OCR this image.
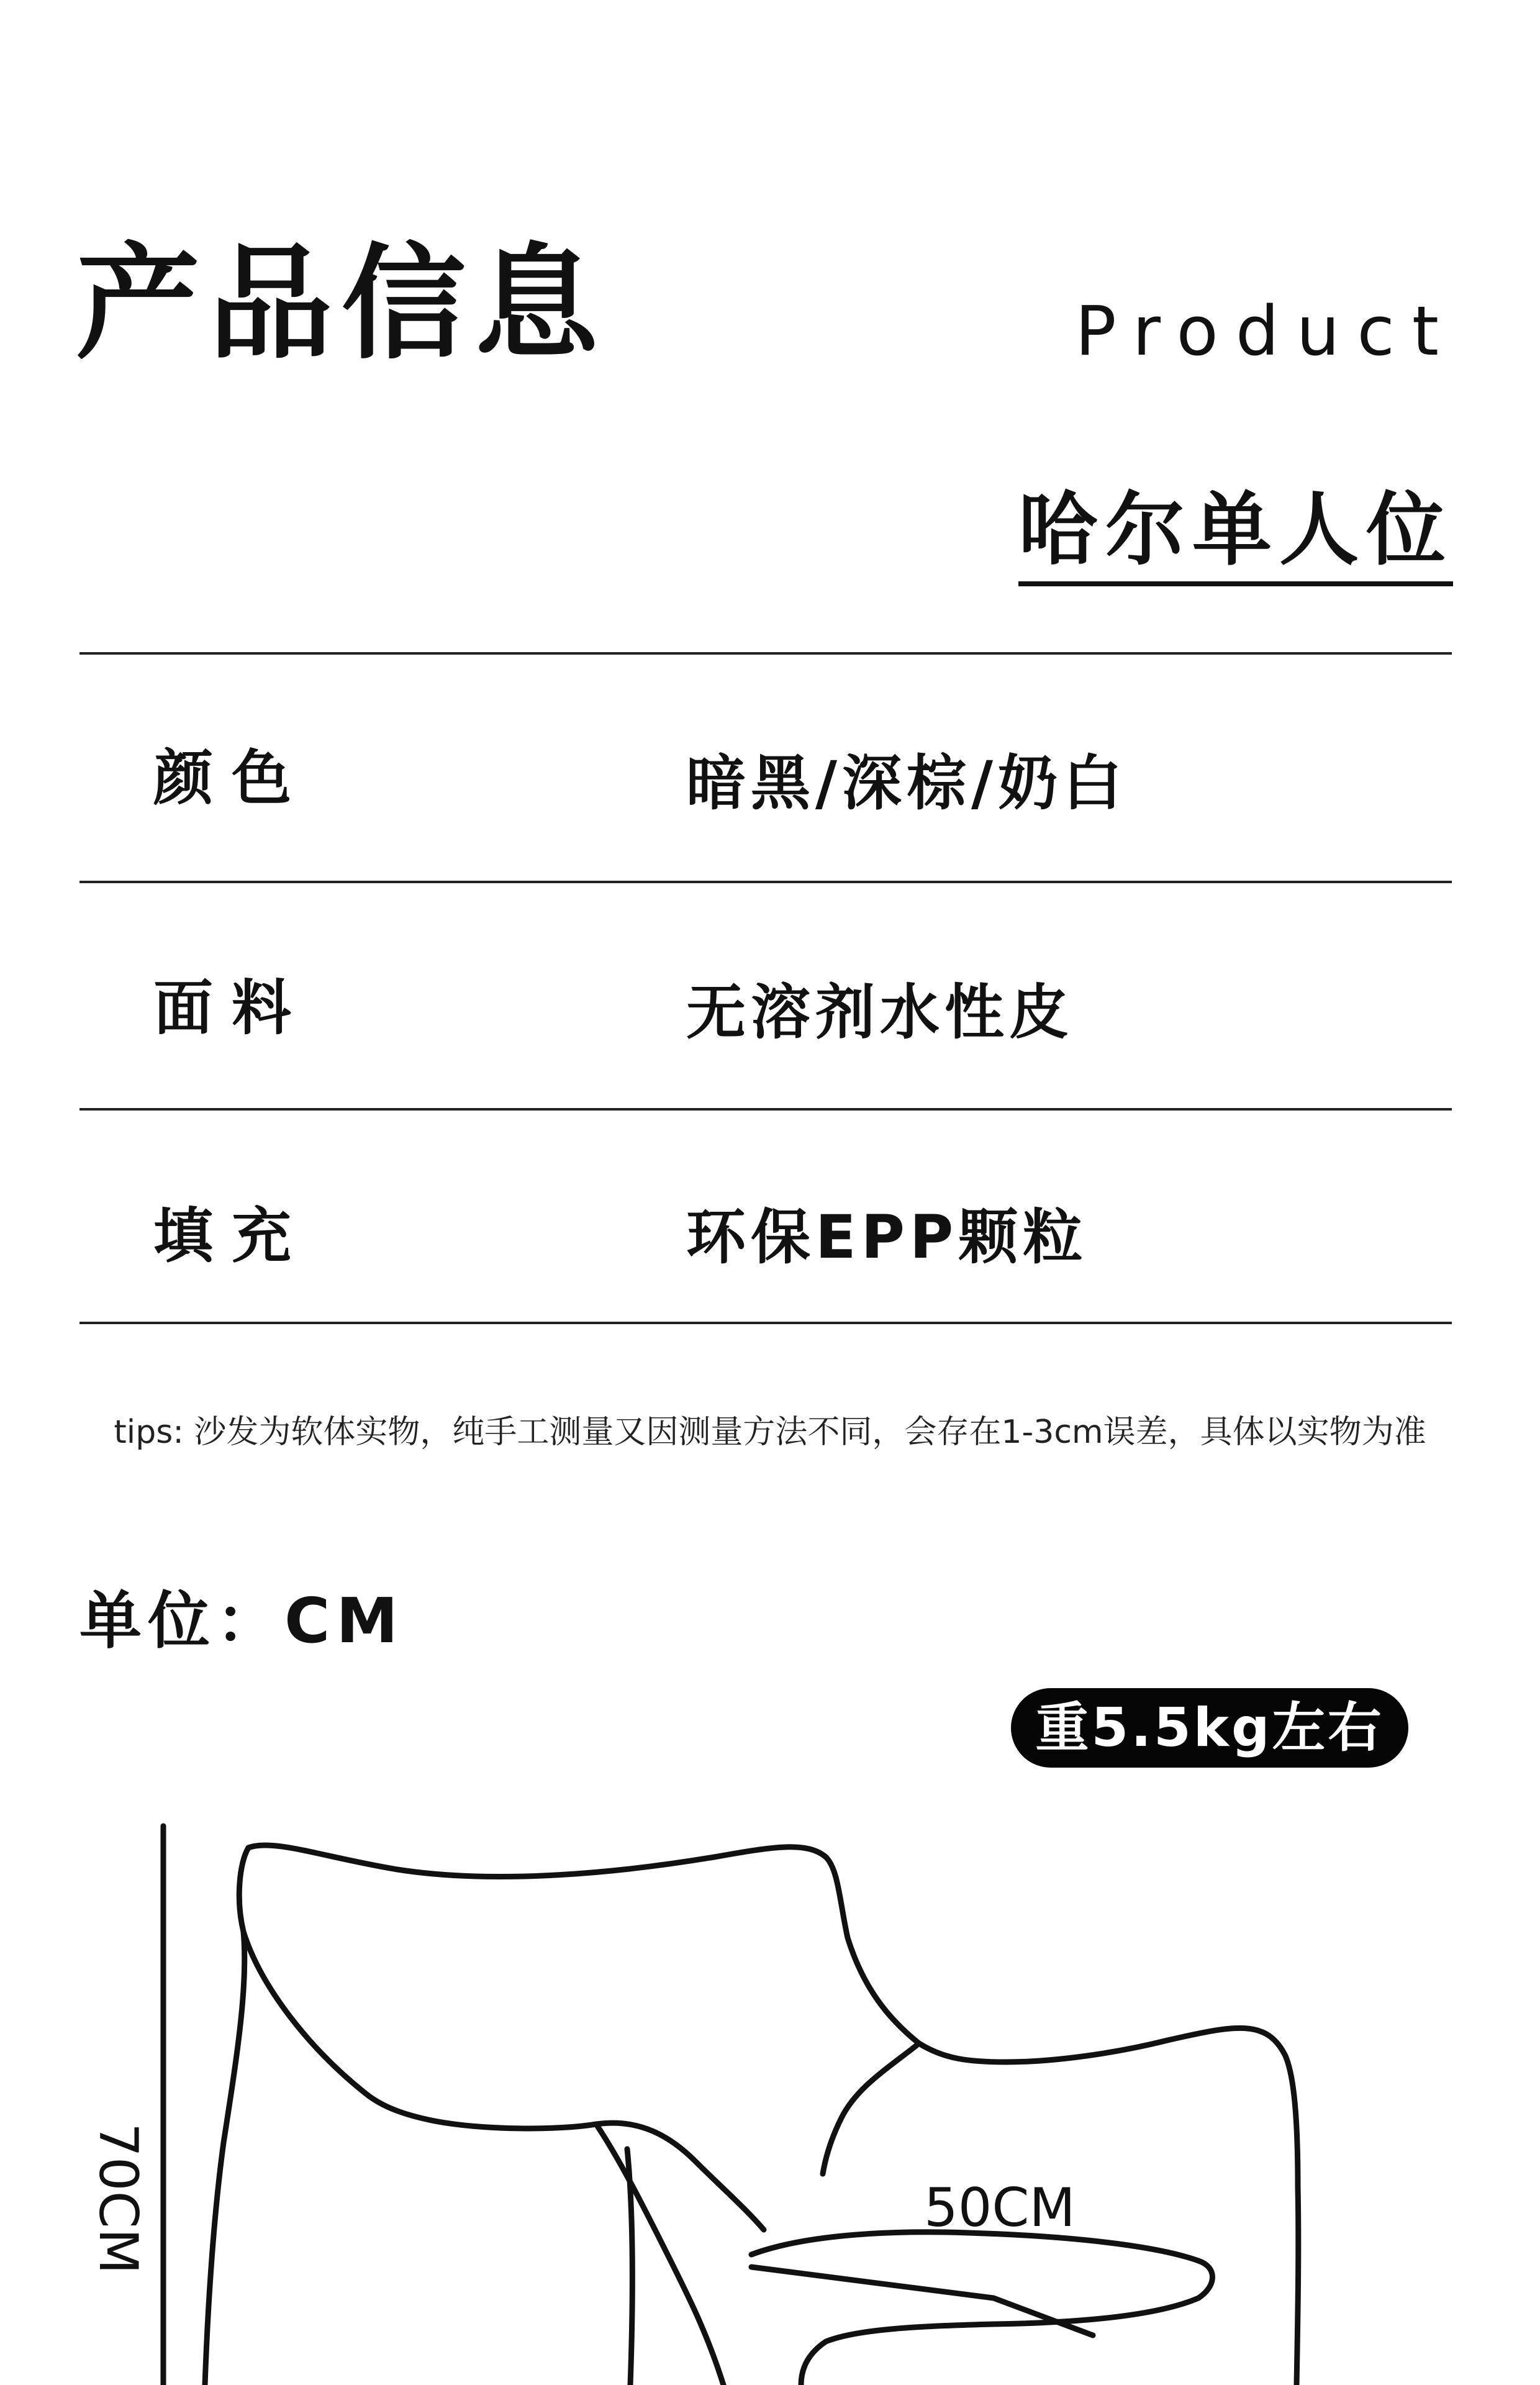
产品信息	Product
哈尔单人位
颜色	暗黑/深棕/奶白
面料	无溶剂水性皮
填充	环保EPP颗粒
tips: 沙发为软体实物，纯手工测量又因测量方法不同，会存在1-3cm误差，具体以实物为准
单位：CM
重5.5kg左右
70CM	50CM
